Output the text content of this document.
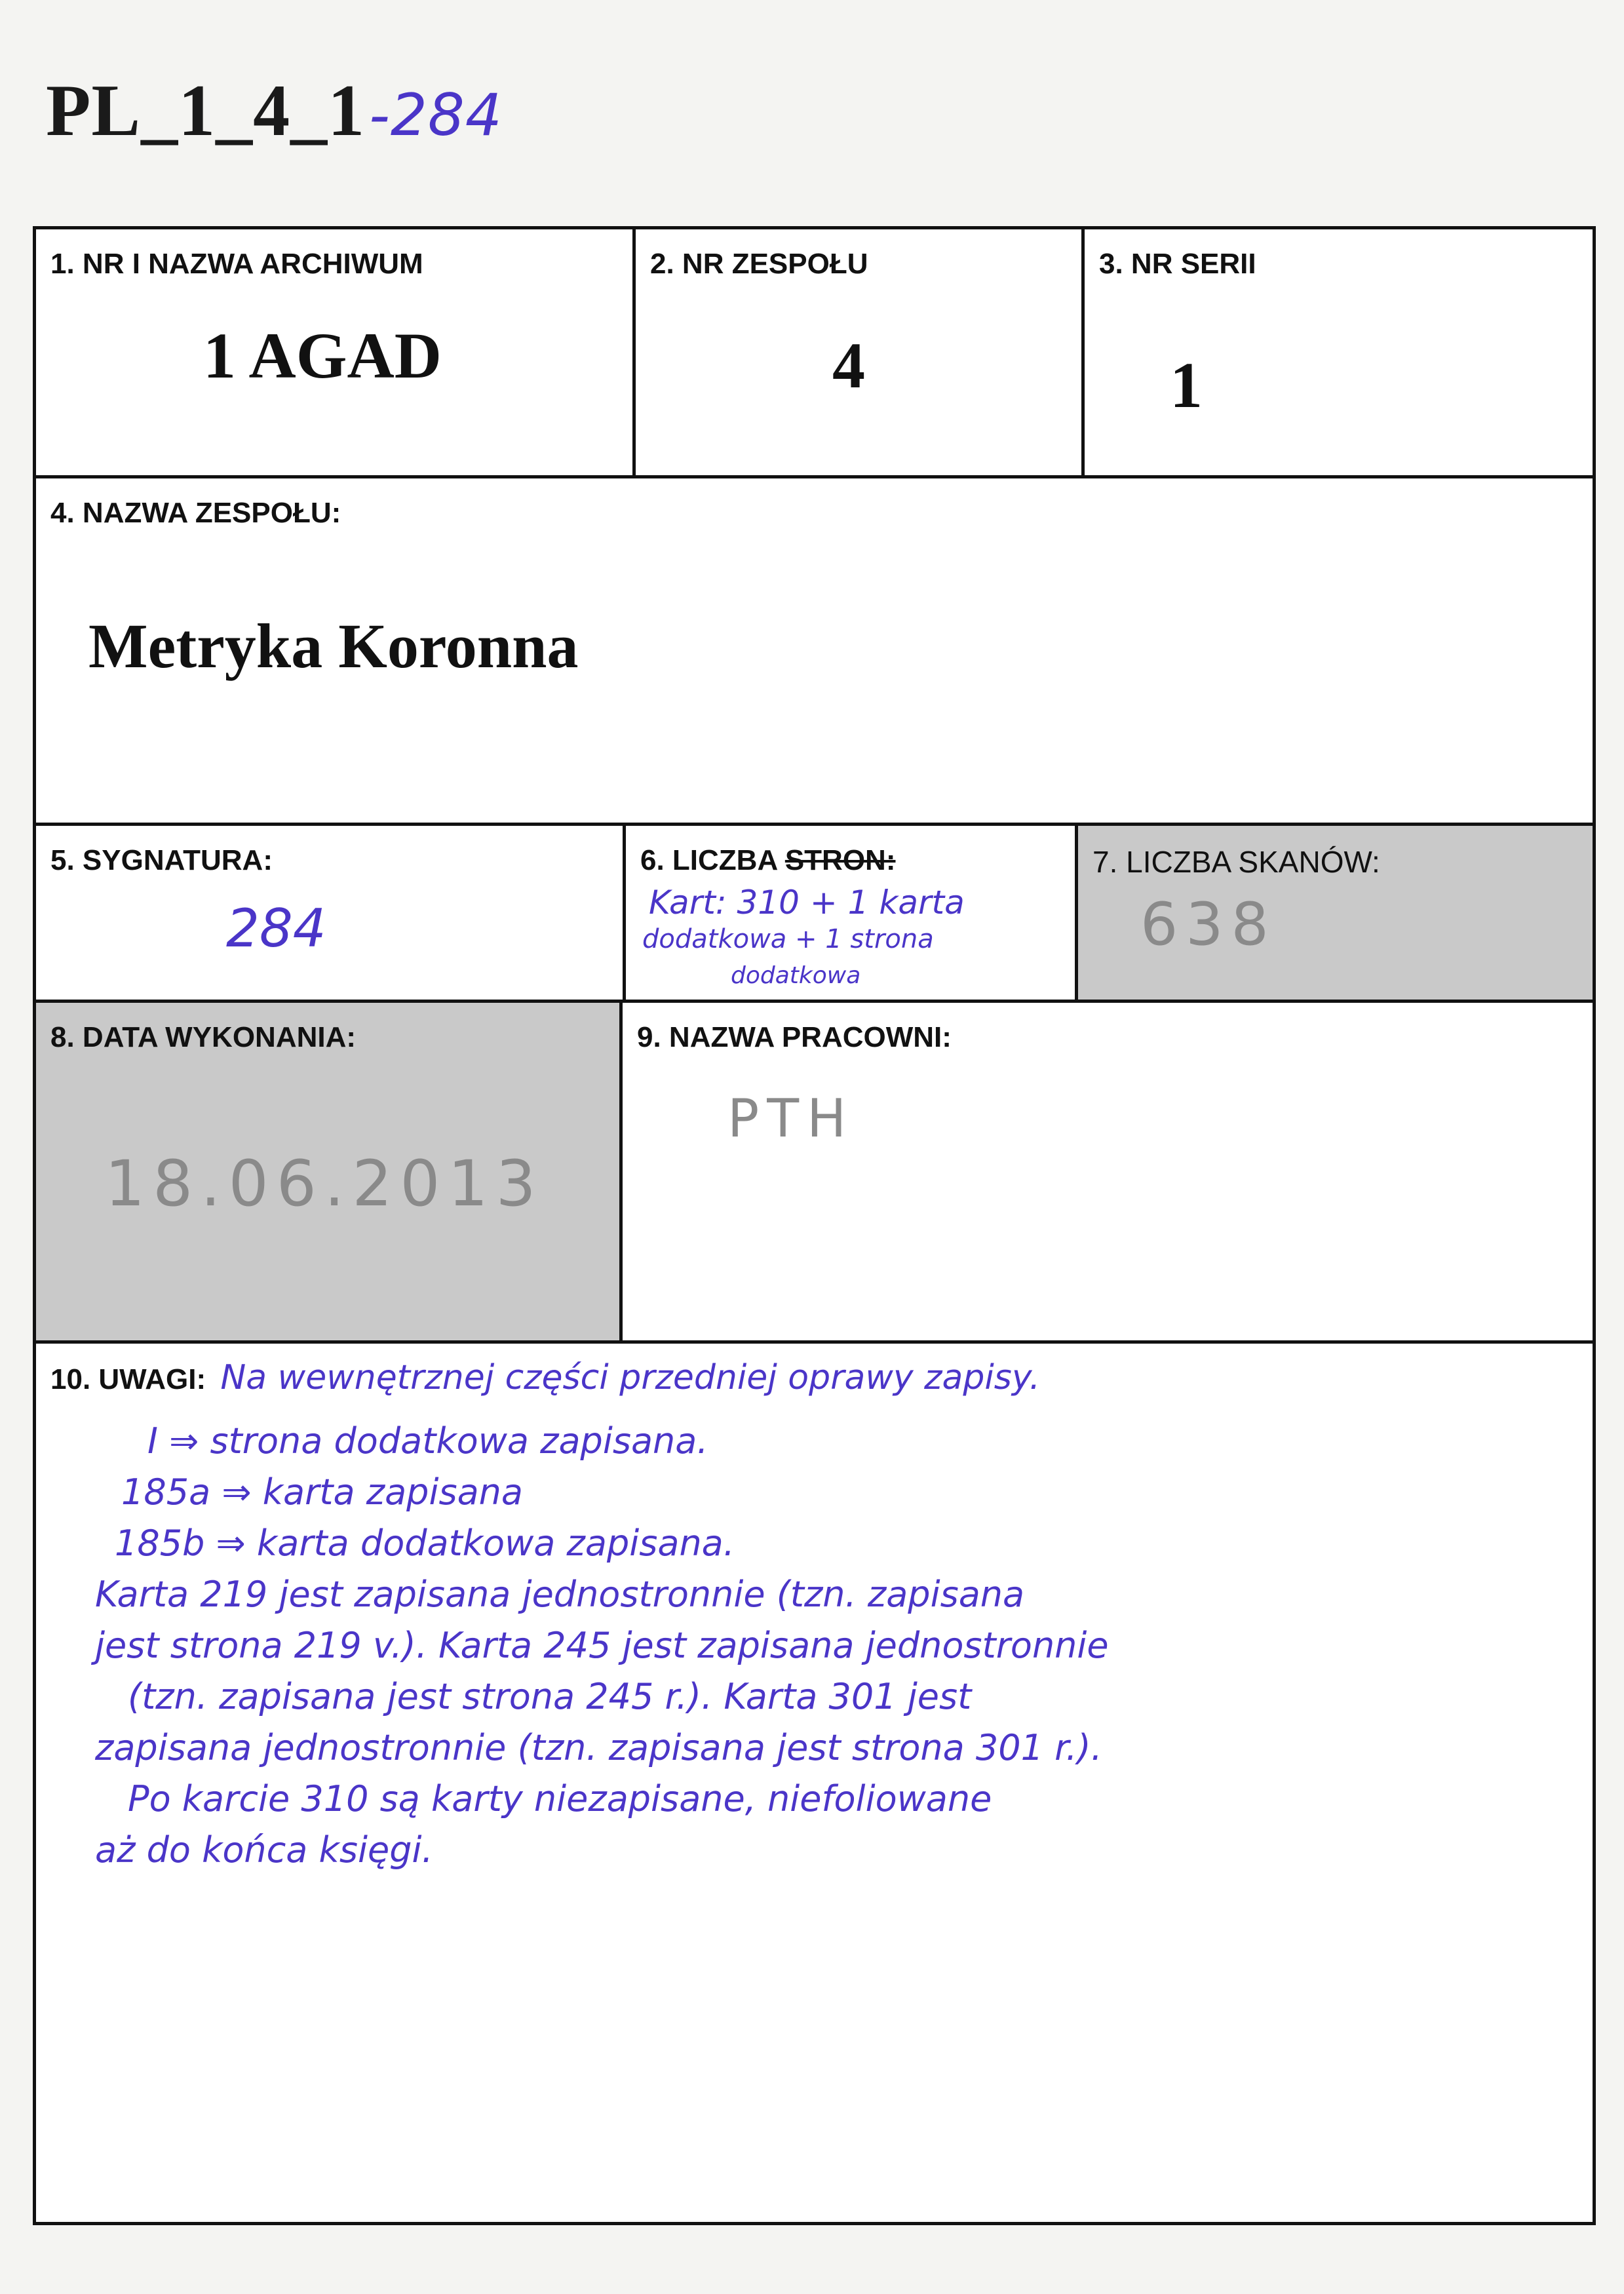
PL_1_4_1-284
1. NR I NAZWA ARCHIWUM
1 AGAD
2. NR ZESPOŁU
4
3. NR SERII
1
4. NAZWA ZESPOŁU:
Metryka Koronna
5. SYGNATURA:
284
6. LICZBA STRON:
Kart: 310 + 1 karta
dodatkowa + 1 strona
dodatkowa
7. LICZBA SKANÓW:
638
8. DATA WYKONANIA:
18.06.2013
9. NAZWA PRACOWNI:
PTH
10. UWAGI: Na wewnętrznej części przedniej oprawy zapisy.
I ⇒ strona dodatkowa zapisana.
185a ⇒ karta zapisana
185b ⇒ karta dodatkowa zapisana.
Karta 219 jest zapisana jednostronnie (tzn. zapisana
jest strona 219 v.). Karta 245 jest zapisana jednostronnie
(tzn. zapisana jest strona 245 r.). Karta 301 jest
zapisana jednostronnie (tzn. zapisana jest strona 301 r.).
Po karcie 310 są karty niezapisane, niefoliowane
aż do końca księgi.
